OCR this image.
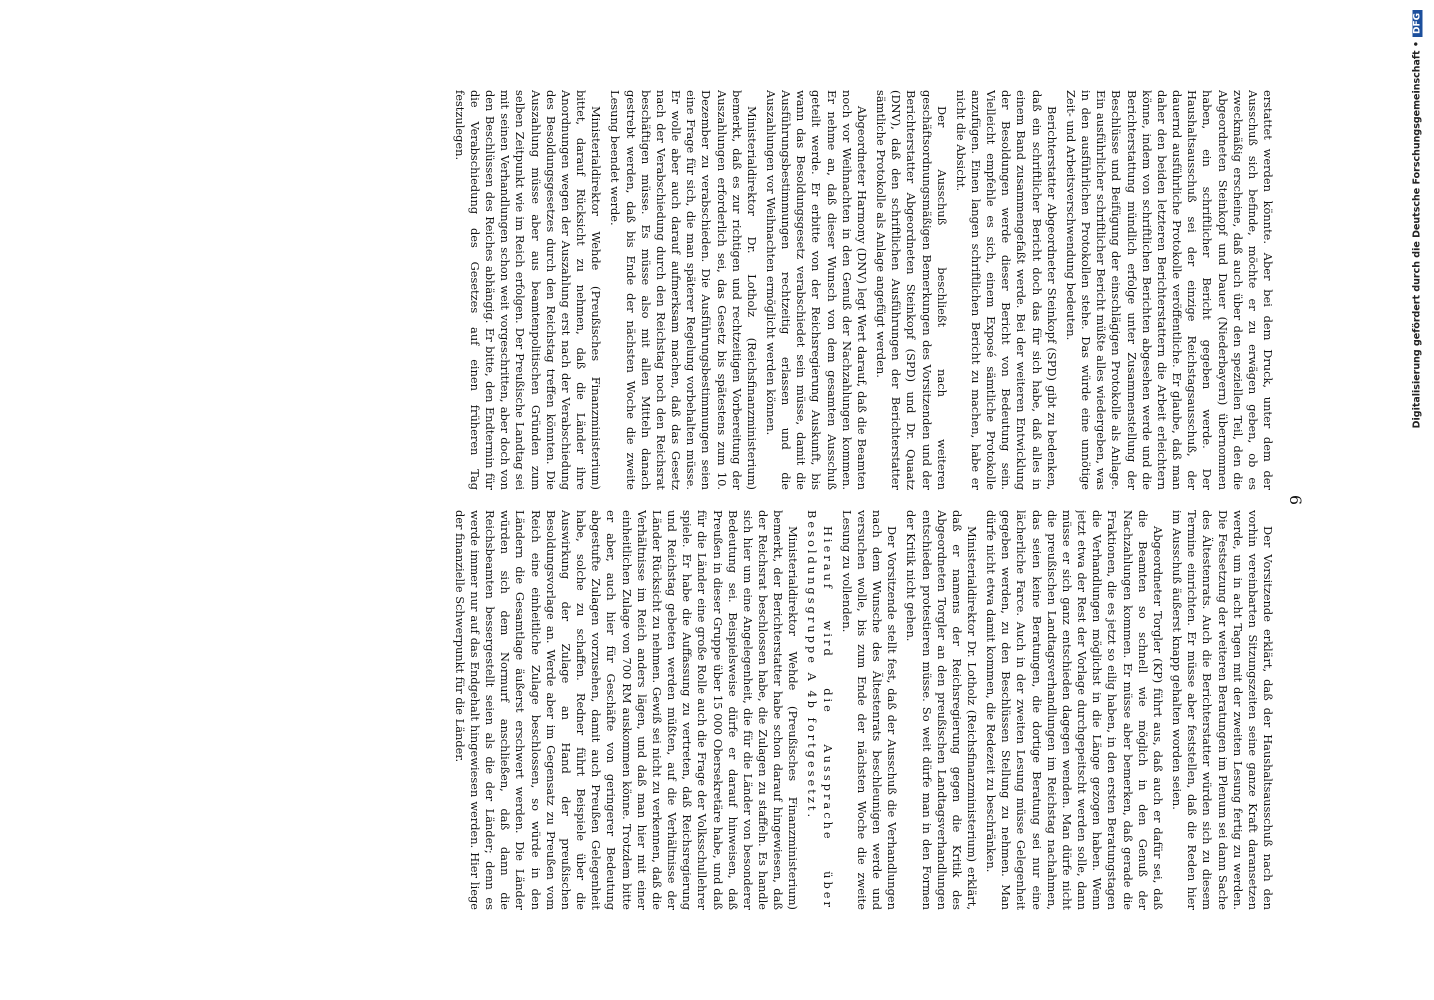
6

erstattet werden könnte. Aber bei dem Druck, unter dem der Ausschuß sich befinde, möchte er zu erwägen geben, ob es zweckmäßig erscheine, daß auch über den speziellen Teil, den die Abgeordneten Steinkopf und Dauer (Niederbayern) übernommen haben, ein schriftlicher Bericht gegeben werde. Der Haushaltsausschuß sei der einzige Reichstagsausschuß, der dauernd ausführliche Protokolle veröffentliche. Er glaube, daß man daher den beiden letzteren Berichterstattern die Arbeit erleichtern könne, indem von schriftlichen Berichten abgesehen werde und die Berichterstattung mündlich erfolge unter Zusammenstellung der Beschlüsse und Beifügung der einschlägigen Protokolle als Anlage. Ein ausführlicher schriftlicher Bericht müßte alles wiedergeben, was in den ausführlichen Protokollen stehe. Das würde eine unnötige Zeit- und Arbeitsverschwendung bedeuten.

Berichterstatter Abgeordneter Steinkopf (SPD) gibt zu bedenken, daß ein schriftlicher Bericht doch das für sich habe, daß alles in einem Band zusammengefaßt werde. Bei der weiteren Entwicklung der Besoldungen werde dieser Bericht von Bedeutung sein. Vielleicht empfehle es sich, einem Exposé sämtliche Protokolle anzufügen. Einen langen schriftlichen Bericht zu machen, habe er nicht die Absicht.

Der Ausschuß beschließt nach weiteren geschäftsordnungsmäßigen Bemerkungen des Vorsitzenden und der Berichterstatter Abgeordneten Steinkopf (SPD) und Dr. Quaatz (DNV), daß den schriftlichen Ausführungen der Berichterstatter sämtliche Protokolle als Anlage angefügt werden.

Abgeordneter Harmony (DNV) legt Wert darauf, daß die Beamten noch vor Weihnachten in den Genuß der Nachzahlungen kommen. Er nehme an, daß dieser Wunsch von dem gesamten Ausschuß geteilt werde. Er erbitte von der Reichsregierung Auskunft, bis wann das Besoldungsgesetz verabschiedet sein müsse, damit die Ausführungsbestimmungen rechtzeitig erlassen und die Auszahlungen vor Weihnachten ermöglicht werden können.

Ministerialdirektor Dr. Lotholz (Reichsfinanzministerium) bemerkt, daß es zur richtigen und rechtzeitigen Vorbereitung der Auszahlungen erforderlich sei, das Gesetz bis spätestens zum 10. Dezember zu verabschieden. Die Ausführungsbestimmungen seien eine Frage für sich, die man späterer Regelung vorbehalten müsse. Er wolle aber auch darauf aufmerksam machen, daß das Gesetz nach der Verabschiedung durch den Reichstag noch den Reichsrat beschäftigen müsse. Es müsse also mit allen Mitteln danach gestrebt werden, daß bis Ende der nächsten Woche die zweite Lesung beendet werde.

Ministerialdirektor Wehde (Preußisches Finanzministerium) bittet, darauf Rücksicht zu nehmen, daß die Länder ihre Anordnungen wegen der Auszahlung erst nach der Verabschiedung des Besoldungsgesetzes durch den Reichstag treffen könnten. Die Auszahlung müsse aber aus beamtenpolitischen Gründen zum selben Zeitpunkt wie im Reich erfolgen. Der Preußische Landtag sei mit seinen Verhandlungen schon weit vorgeschritten, aber doch von den Beschlüssen des Reiches abhängig. Er bitte, den Endtermin für die Verabschiedung des Gesetzes auf einen früheren Tag festzulegen.

Der Vorsitzende erklärt, daß der Haushaltsausschuß nach den vorhin vereinbarten Sitzungszeiten seine ganze Kraft daransetzen werde, um in acht Tagen mit der zweiten Lesung fertig zu werden. Die Festsetzung der weiteren Beratungen im Plenum sei dann Sache des Ältestenrats. Auch die Berichterstatter würden sich zu diesem Termine einrichten. Er müsse aber feststellen, daß die Reden hier im Ausschuß äußerst knapp gehalten worden seien.

Abgeordneter Torgler (KP) führt aus, daß auch er dafür sei, daß die Beamten so schnell wie möglich in den Genuß der Nachzahlungen kommen. Er müsse aber bemerken, daß gerade die Fraktionen, die es jetzt so eilig haben, in den ersten Beratungstagen die Verhandlungen möglichst in die Länge gezogen haben. Wenn jetzt etwa der Rest der Vorlage durchgepeitscht werden solle, dann müsse er sich ganz entschieden dagegen wenden. Man dürfe nicht die preußischen Landtagsverhandlungen im Reichstag nachahmen, das seien keine Beratungen, die dortige Beratung sei nur eine lächerliche Farce. Auch in der zweiten Lesung müsse Gelegenheit gegeben werden, zu den Beschlüssen Stellung zu nehmen. Man dürfe nicht etwa damit kommen, die Redezeit zu beschränken.

Ministerialdirektor Dr. Lotholz (Reichsfinanzministerium) erklärt, daß er namens der Reichsregierung gegen die Kritik des Abgeordneten Torgler an den preußischen Landtagsverhandlungen entschieden protestieren müsse. So weit dürfe man in den Formen der Kritik nicht gehen.

Der Vorsitzende stellt fest, daß der Ausschuß die Verhandlungen nach dem Wunsche des Ältestenrats beschleunigen werde und versuchen wolle, bis zum Ende der nächsten Woche die zweite Lesung zu vollenden.

Hierauf wird die Aussprache über Besoldungsgruppe A 4b fortgesetzt.

Ministerialdirektor Wehde (Preußisches Finanzministerium) bemerkt, der Berichterstatter habe schon darauf hingewiesen, daß der Reichsrat beschlossen habe, die Zulagen zu staffeln. Es handle sich hier um eine Angelegenheit, die für die Länder von besonderer Bedeutung sei. Beispielsweise dürfe er darauf hinweisen, daß Preußen in dieser Gruppe über 15 000 Obersekretäre habe, und daß für die Länder eine große Rolle auch die Frage der Volksschullehrer spiele. Er habe die Auffassung zu vertreten, daß Reichsregierung und Reichstag gebeten werden müßten, auf die Verhältnisse der Länder Rücksicht zu nehmen. Gewiß sei nicht zu verkennen, daß die Verhältnisse im Reich anders lägen, und daß man hier mit einer einheitlichen Zulage von 700 RM auskommen könne. Trotzdem bitte er aber, auch hier für Geschäfte von geringerer Bedeutung abgestufte Zulagen vorzusehen, damit auch Preußen Gelegenheit habe, solche zu schaffen. Redner führt Beispiele über die Auswirkung der Zulage an Hand der preußischen Besoldungsvorlage an. Werde aber im Gegensatz zu Preußen vom Reich eine einheitliche Zulage beschlossen, so würde in den Ländern die Gesamtlage äußerst erschwert werden. Die Länder würden sich dem Normurf anschließen, daß dann die Reichsbeamten bessergestellt seien als die der Länder; denn es werde immer nur auf das Endgehalt hingewiesen werden. Hier liege der finanzielle Schwerpunkt für die Länder.

Digitalisierung gefördert durch die Deutsche Forschungsgemeinschaft •DFG
